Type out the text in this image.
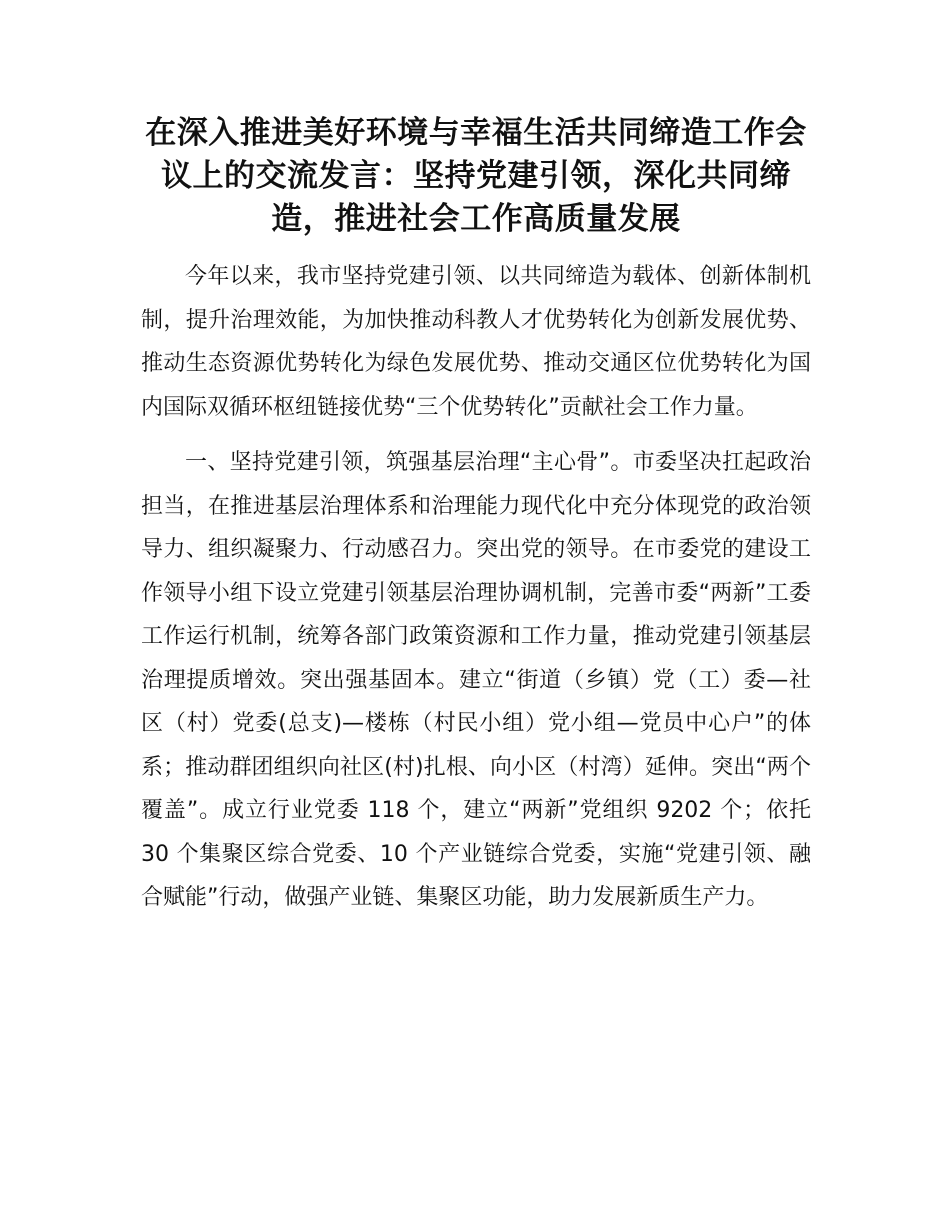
在深入推进美好环境与幸福生活共同缔造工作会议上的交流发言：坚持党建引领，深化共同缔造，推进社会工作高质量发展

今年以来，我市坚持党建引领、以共同缔造为载体、创新体制机制，提升治理效能，为加快推动科教人才优势转化为创新发展优势、推动生态资源优势转化为绿色发展优势、推动交通区位优势转化为国内国际双循环枢纽链接优势“三个优势转化”贡献社会工作力量。

一、坚持党建引领，筑强基层治理“主心骨”。市委坚决扛起政治担当，在推进基层治理体系和治理能力现代化中充分体现党的政治领导力、组织凝聚力、行动感召力。突出党的领导。在市委党的建设工作领导小组下设立党建引领基层治理协调机制，完善市委“两新”工委工作运行机制，统筹各部门政策资源和工作力量，推动党建引领基层治理提质增效。突出强基固本。建立“街道（乡镇）党（工）委—社区（村）党委(总支)—楼栋（村民小组）党小组—党员中心户”的体系；推动群团组织向社区(村)扎根、向小区（村湾）延伸。突出“两个覆盖”。成立行业党委 118 个，建立“两新”党组织 9202 个；依托 30 个集聚区综合党委、10 个产业链综合党委，实施“党建引领、融合赋能”行动，做强产业链、集聚区功能，助力发展新质生产力。
